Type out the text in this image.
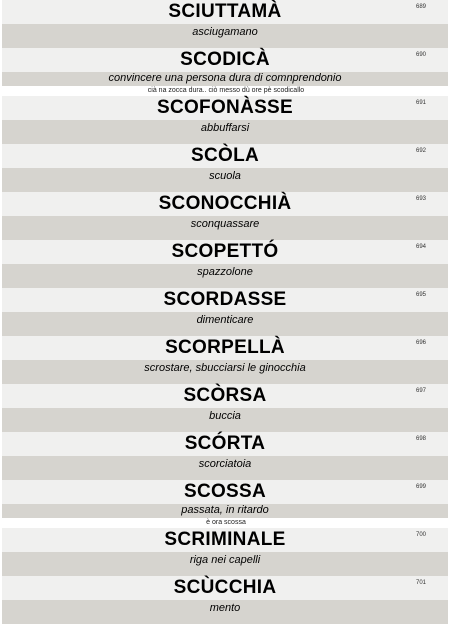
SCIUTTAMÀ	689
asciugamano
SCODICÀ	690
convincere una persona dura di comnprendonio
cià na zocca dura.. ciò messo dù ore pè scodicallo
SCOFONÀSSE	691
abbuffarsi
SCÒLA	692
scuola
SCONOCCHIÀ	693
sconquassare
SCOPETTÓ	694
spazzolone
SCORDASSE	695
dimenticare
SCORPELLÀ	696
scrostare, sbucciarsi le ginocchia
SCÒRSA	697
buccia
SCÓRTA	698
scorciatoia
SCOSSA	699
passata, in ritardo
è ora scossa
SCRIMINALE	700
riga nei capelli
SCÙCCHIA	701
mento
